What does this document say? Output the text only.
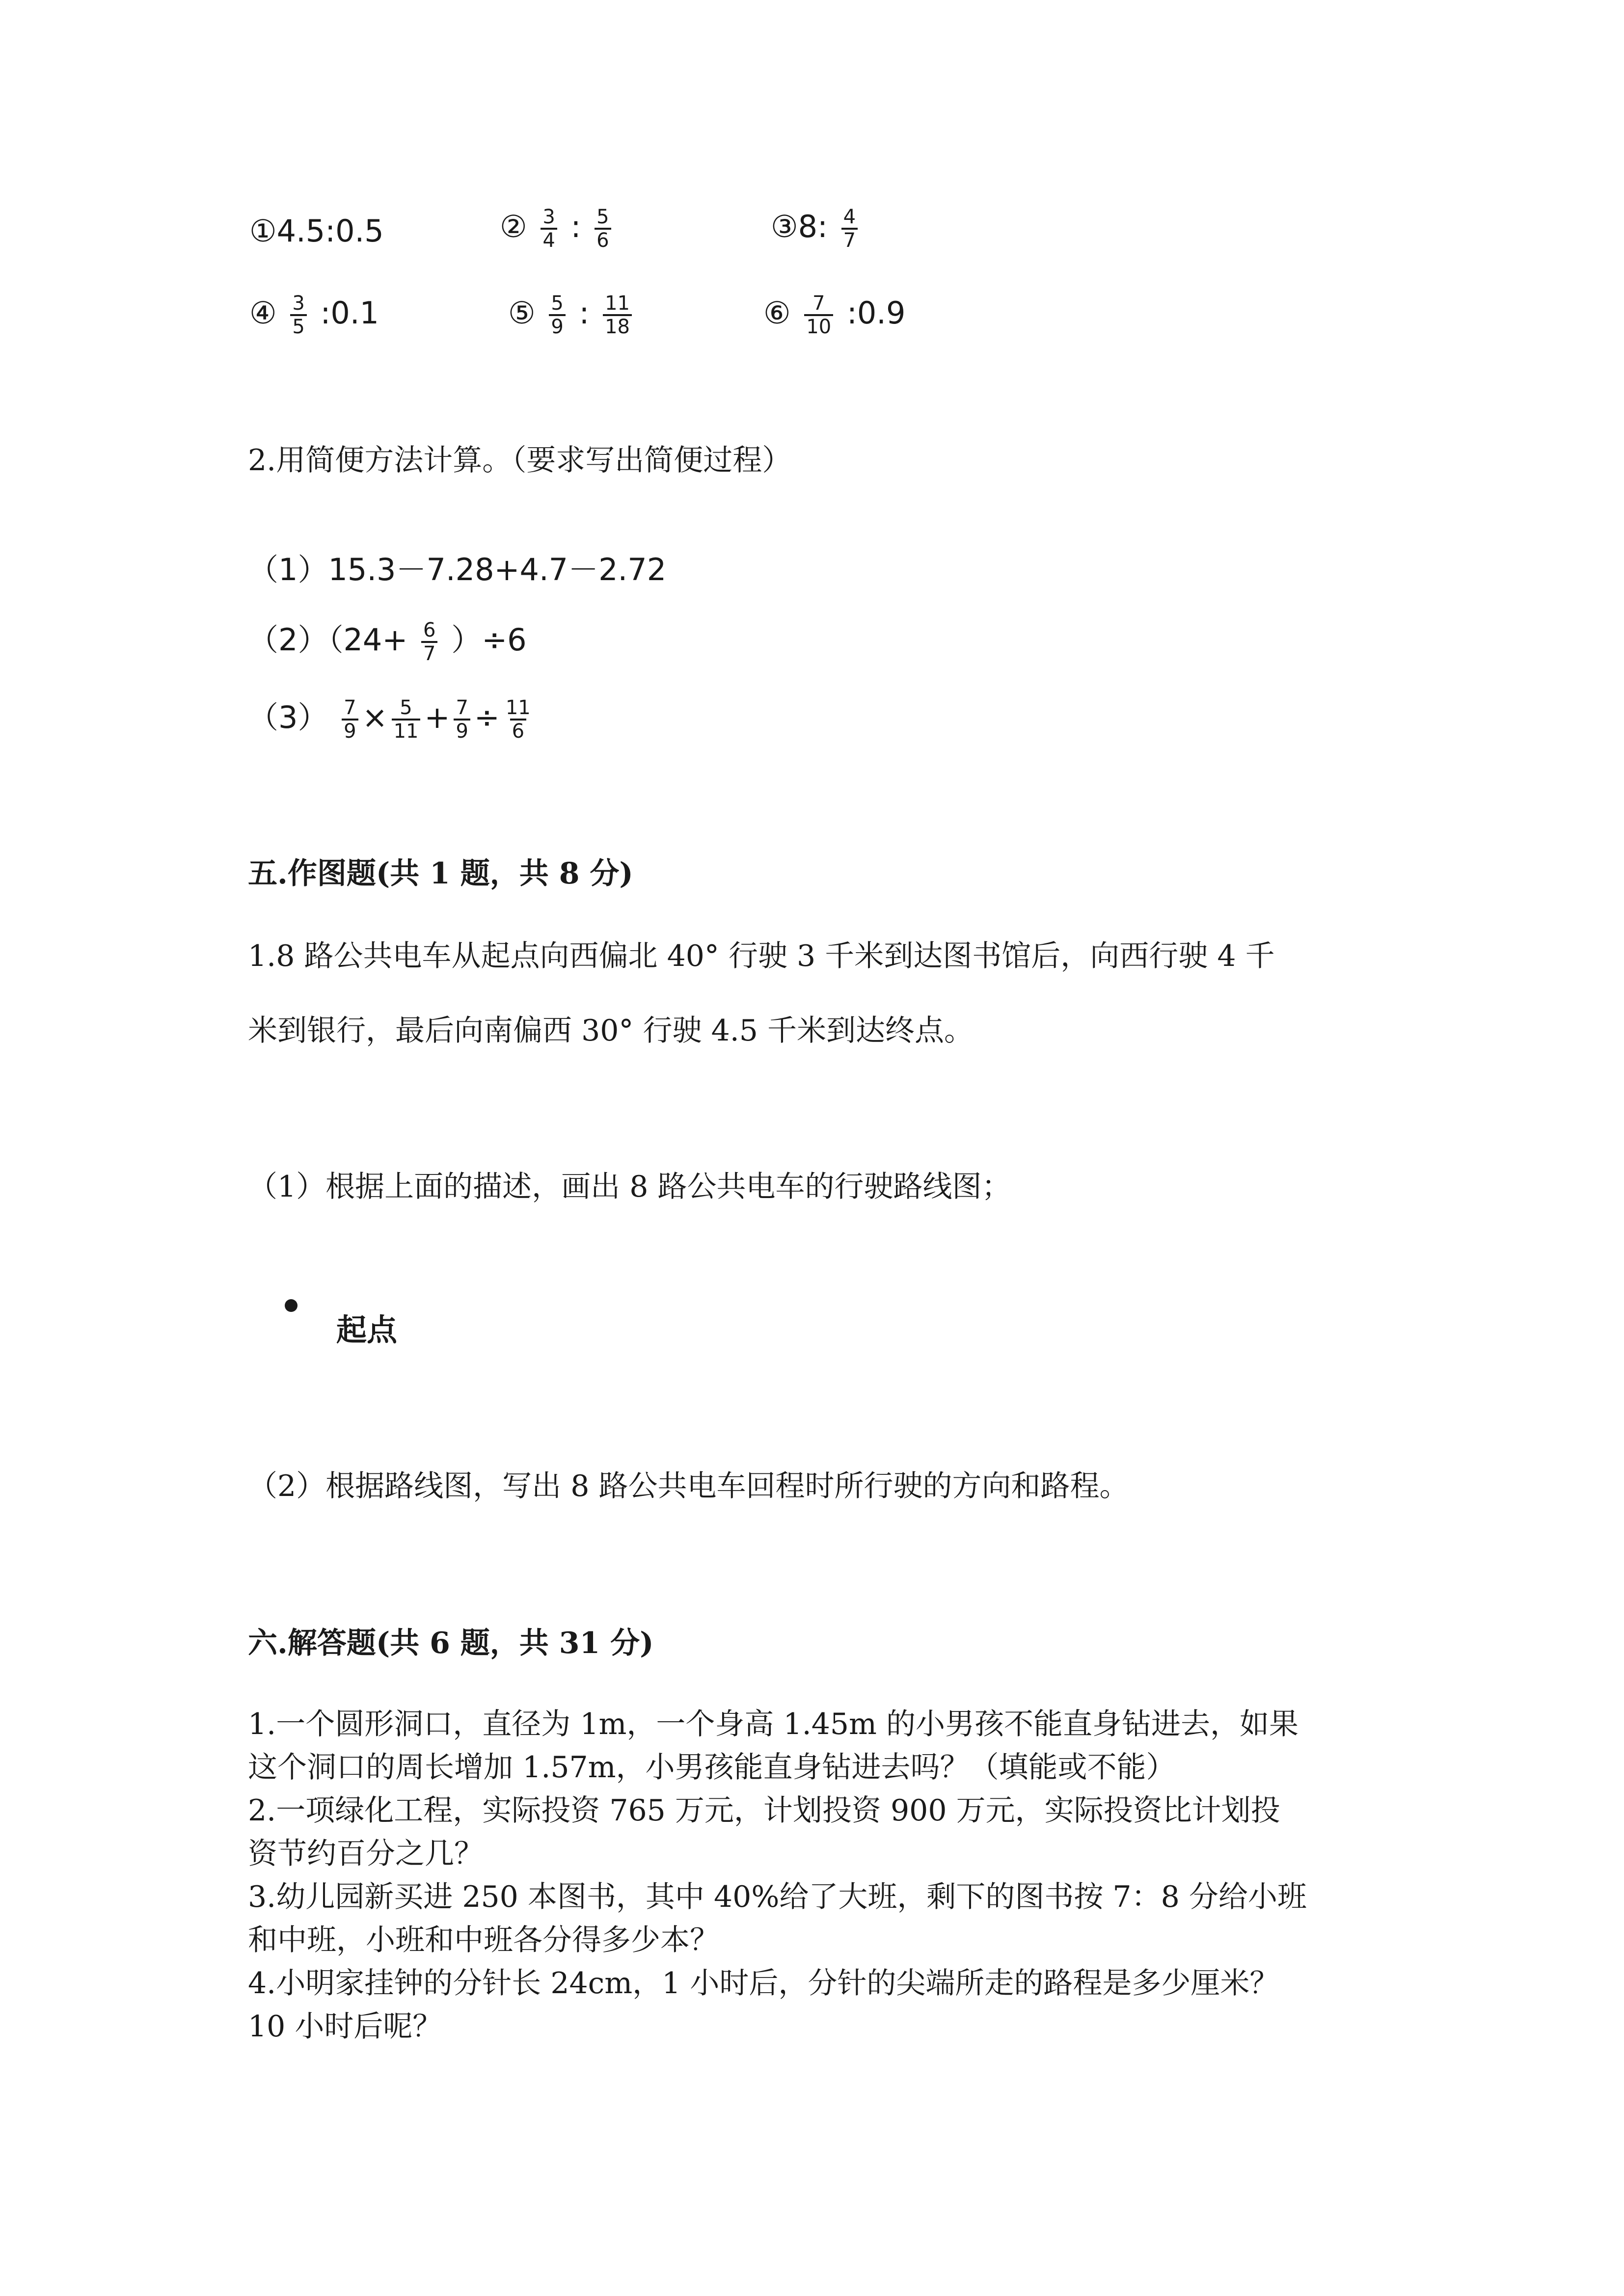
①4.5:0.5	② $\frac{3}{4}$ : $\frac{5}{6}$	③8: $\frac{4}{7}$
④ $\frac{3}{5}$ :0.1	⑤ $\frac{5}{9}$ : $\frac{11}{18}$	⑥ $\frac{7}{10}$ :0.9
2.用简便方法计算。（要求写出简便过程）
（1）15.3－7.28+4.7－2.72
$(2)(24+ \frac{6}{7} )\div 6$
$(3) \frac{7}{9} \times \frac{5}{11} + \frac{7}{9} \div \frac{11}{6}$
五.作图题(共 1 题，共 8 分)
1.8 路公共电车从起点向西偏北 40° 行驶 3 千米到达图书馆后，向西行驶 4 千
米到银行，最后向南偏西 30° 行驶 4.5 千米到达终点。
（1）根据上面的描述，画出 8 路公共电车的行驶路线图；
起点
（2）根据路线图，写出 8 路公共电车回程时所行驶的方向和路程。
六.解答题(共 6 题，共 31 分)
1.一个圆形洞口，直径为 1m，一个身高 1.45m 的小男孩不能直身钻进去，如果
这个洞口的周长增加 1.57m，小男孩能直身钻进去吗？（填能或不能）
2.一项绿化工程，实际投资 765 万元，计划投资 900 万元，实际投资比计划投
资节约百分之几？
3.幼儿园新买进 250 本图书，其中 40%给了大班，剩下的图书按 7：8 分给小班
和中班，小班和中班各分得多少本？
4.小明家挂钟的分针长 24cm，1 小时后，分针的尖端所走的路程是多少厘米？
10 小时后呢？
